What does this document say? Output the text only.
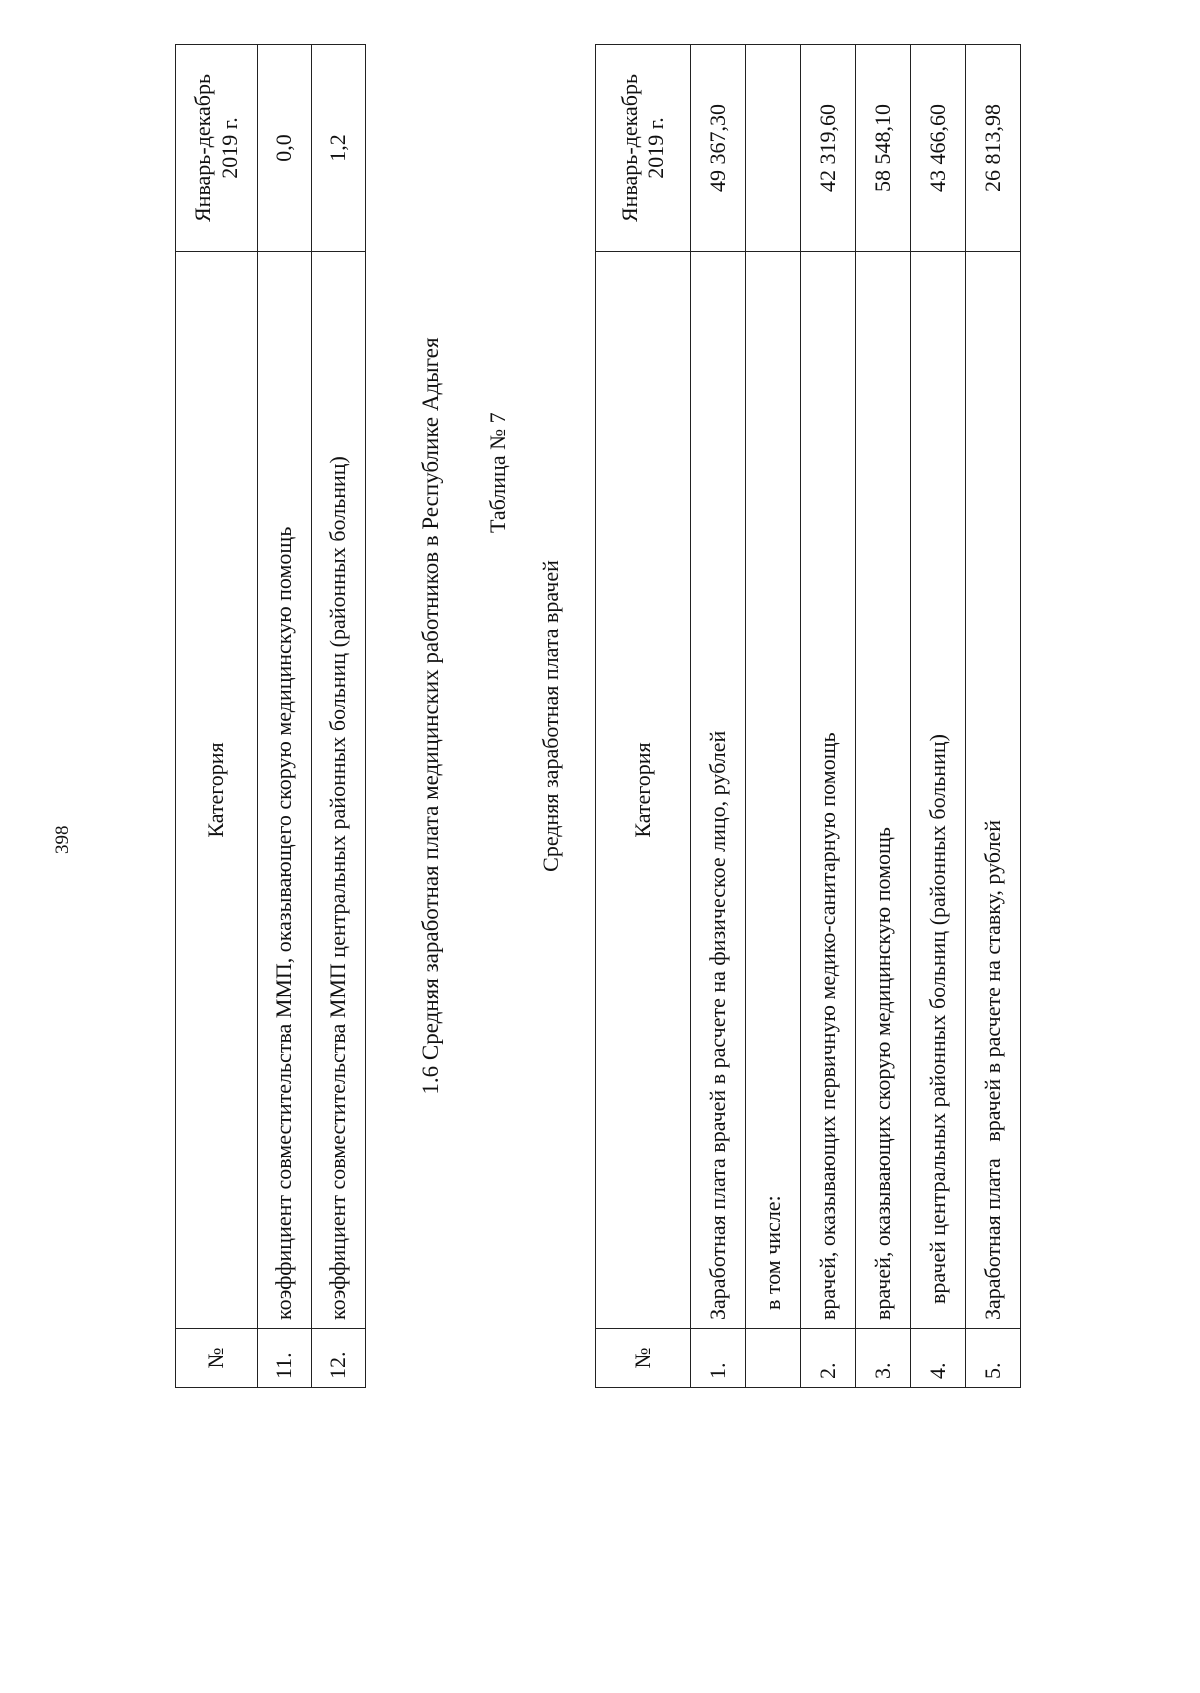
398
№	Категория	Январь-декабрь 2019 г.
11.	коэффициент совместительства ММП, оказывающего скорую медицинскую помощь	0,0
12.	коэффициент совместительства ММП центральных районных больниц (районных больниц)	1,2
1.6 Средняя заработная плата медицинских работников в Республике Адыгея Таблица № 7
Средняя заработная плата врачей
№	Категория	Январь-декабрь 2019 г.
1.	Заработная плата врачей в расчете на физическое лицо, рублей	49 367,30
	в том числе:	
2.	врачей, оказывающих первичную медико-санитарную помощь	42 319,60
3.	врачей, оказывающих скорую медицинскую помощь	58 548,10
4.	врачей центральных районных больниц (районных больниц)	43 466,60
5.	Заработная плата   врачей в расчете на ставку, рублей	26 813,98
